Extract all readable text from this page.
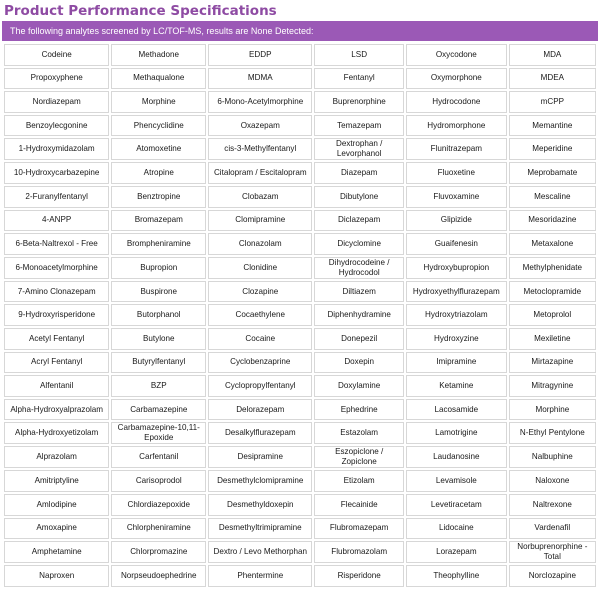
Product Performance Specifications
The following analytes screened by LC/TOF-MS, results are None Detected:
Codeine	Methadone	EDDP	LSD	Oxycodone	MDA
Propoxyphene	Methaqualone	MDMA	Fentanyl	Oxymorphone	MDEA
Nordiazepam	Morphine	6-Mono-Acetylmorphine	Buprenorphine	Hydrocodone	mCPP
Benzoylecgonine	Phencyclidine	Oxazepam	Temazepam	Hydromorphone	Memantine
1-Hydroxymidazolam	Atomoxetine	cis-3-Methylfentanyl	Dextrophan / Levorphanol	Flunitrazepam	Meperidine
10-Hydroxycarbazepine	Atropine	Citalopram / Escitalopram	Diazepam	Fluoxetine	Meprobamate
2-Furanylfentanyl	Benztropine	Clobazam	Dibutylone	Fluvoxamine	Mescaline
4-ANPP	Bromazepam	Clomipramine	Diclazepam	Glipizide	Mesoridazine
6-Beta-Naltrexol - Free	Brompheniramine	Clonazolam	Dicyclomine	Guaifenesin	Metaxalone
6-Monoacetylmorphine	Bupropion	Clonidine	Dihydrocodeine / Hydrocodol	Hydroxybupropion	Methylphenidate
7-Amino Clonazepam	Buspirone	Clozapine	Diltiazem	Hydroxyethylflurazepam	Metoclopramide
9-Hydroxyrisperidone	Butorphanol	Cocaethylene	Diphenhydramine	Hydroxytriazolam	Metoprolol
Acetyl Fentanyl	Butylone	Cocaine	Donepezil	Hydroxyzine	Mexiletine
Acryl Fentanyl	Butyrylfentanyl	Cyclobenzaprine	Doxepin	Imipramine	Mirtazapine
Alfentanil	BZP	Cyclopropylfentanyl	Doxylamine	Ketamine	Mitragynine
Alpha-Hydroxyalprazolam	Carbamazepine	Delorazepam	Ephedrine	Lacosamide	Morphine
Alpha-Hydroxyetizolam	Carbamazepine-10,11-Epoxide	Desalkylflurazepam	Estazolam	Lamotrigine	N-Ethyl Pentylone
Alprazolam	Carfentanil	Desipramine	Eszopiclone / Zopiclone	Laudanosine	Nalbuphine
Amitriptyline	Carisoprodol	Desmethylclomipramine	Etizolam	Levamisole	Naloxone
Amlodipine	Chlordiazepoxide	Desmethyldoxepin	Flecainide	Levetiracetam	Naltrexone
Amoxapine	Chlorpheniramine	Desmethyltrimipramine	Flubromazepam	Lidocaine	Vardenafil
Amphetamine	Chlorpromazine	Dextro / Levo Methorphan	Flubromazolam	Lorazepam	Norbuprenorphine - Total
Naproxen	Norpseudoephedrine	Phentermine	Risperidone	Theophylline	Norclozapine
